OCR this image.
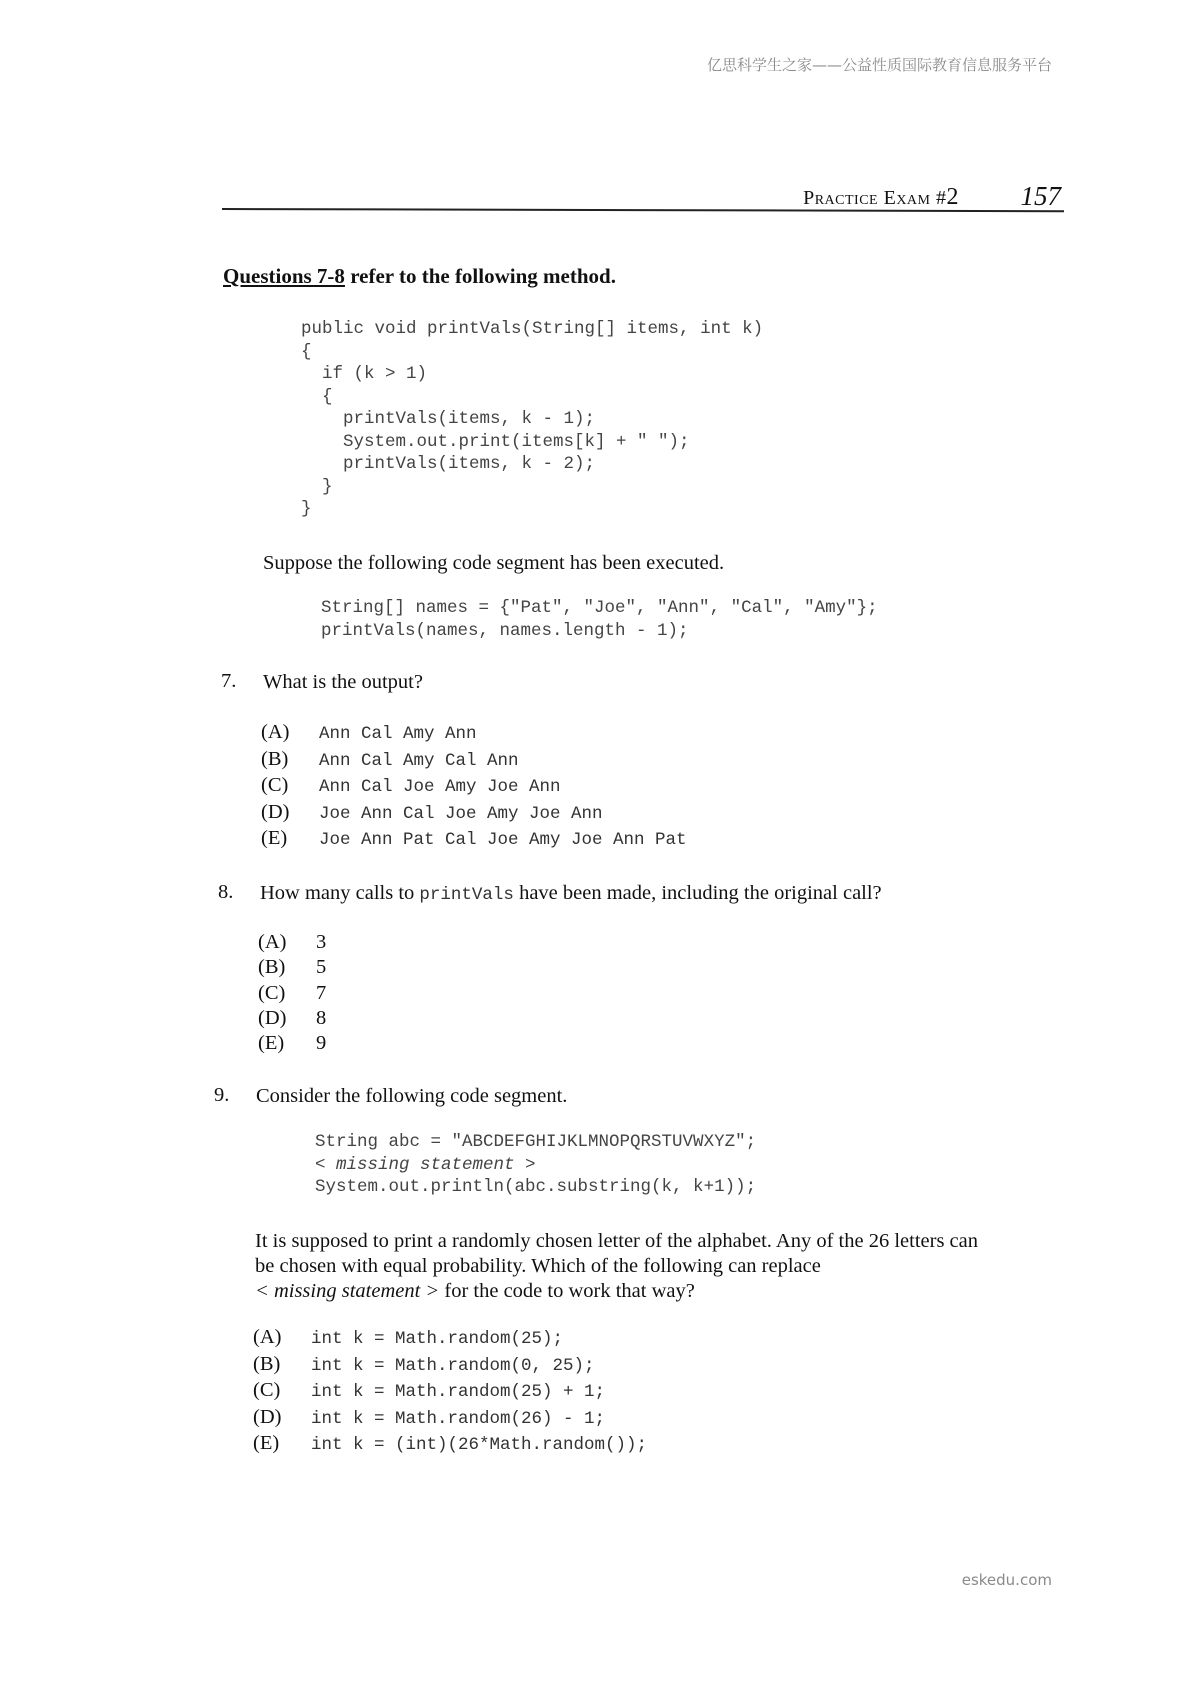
亿思科学生之家——公益性质国际教育信息服务平台
Practice Exam #2 157
Questions 7-8 refer to the following method.
public void printVals(String[] items, int k)
{
if (k > 1)
{
printVals(items, k - 1);
System.out.print(items[k] + " ");
printVals(items, k - 2);
}
}
Suppose the following code segment has been executed.
String[] names = {"Pat", "Joe", "Ann", "Cal", "Amy"};
printVals(names, names.length - 1);
7. What is the output?
(A)	Ann Cal Amy Ann
(B)	Ann Cal Amy Cal Ann
(C)	Ann Cal Joe Amy Joe Ann
(D)	Joe Ann Cal Joe Amy Joe Ann
(E)	Joe Ann Pat Cal Joe Amy Joe Ann Pat
8. How many calls to printVals have been made, including the original call?
(A)	3
(B)	5
(C)	7
(D)	8
(E)	9
9. Consider the following code segment.
String abc = "ABCDEFGHIJKLMNOPQRSTUVWXYZ";
< missing statement >
System.out.println(abc.substring(k, k+1));
It is supposed to print a randomly chosen letter of the alphabet. Any of the 26 letters can
be chosen with equal probability. Which of the following can replace
< missing statement > for the code to work that way?
(A)	int k = Math.random(25);
(B)	int k = Math.random(0, 25);
(C)	int k = Math.random(25) + 1;
(D)	int k = Math.random(26) - 1;
(E)	int k = (int)(26*Math.random());
eskedu.com
